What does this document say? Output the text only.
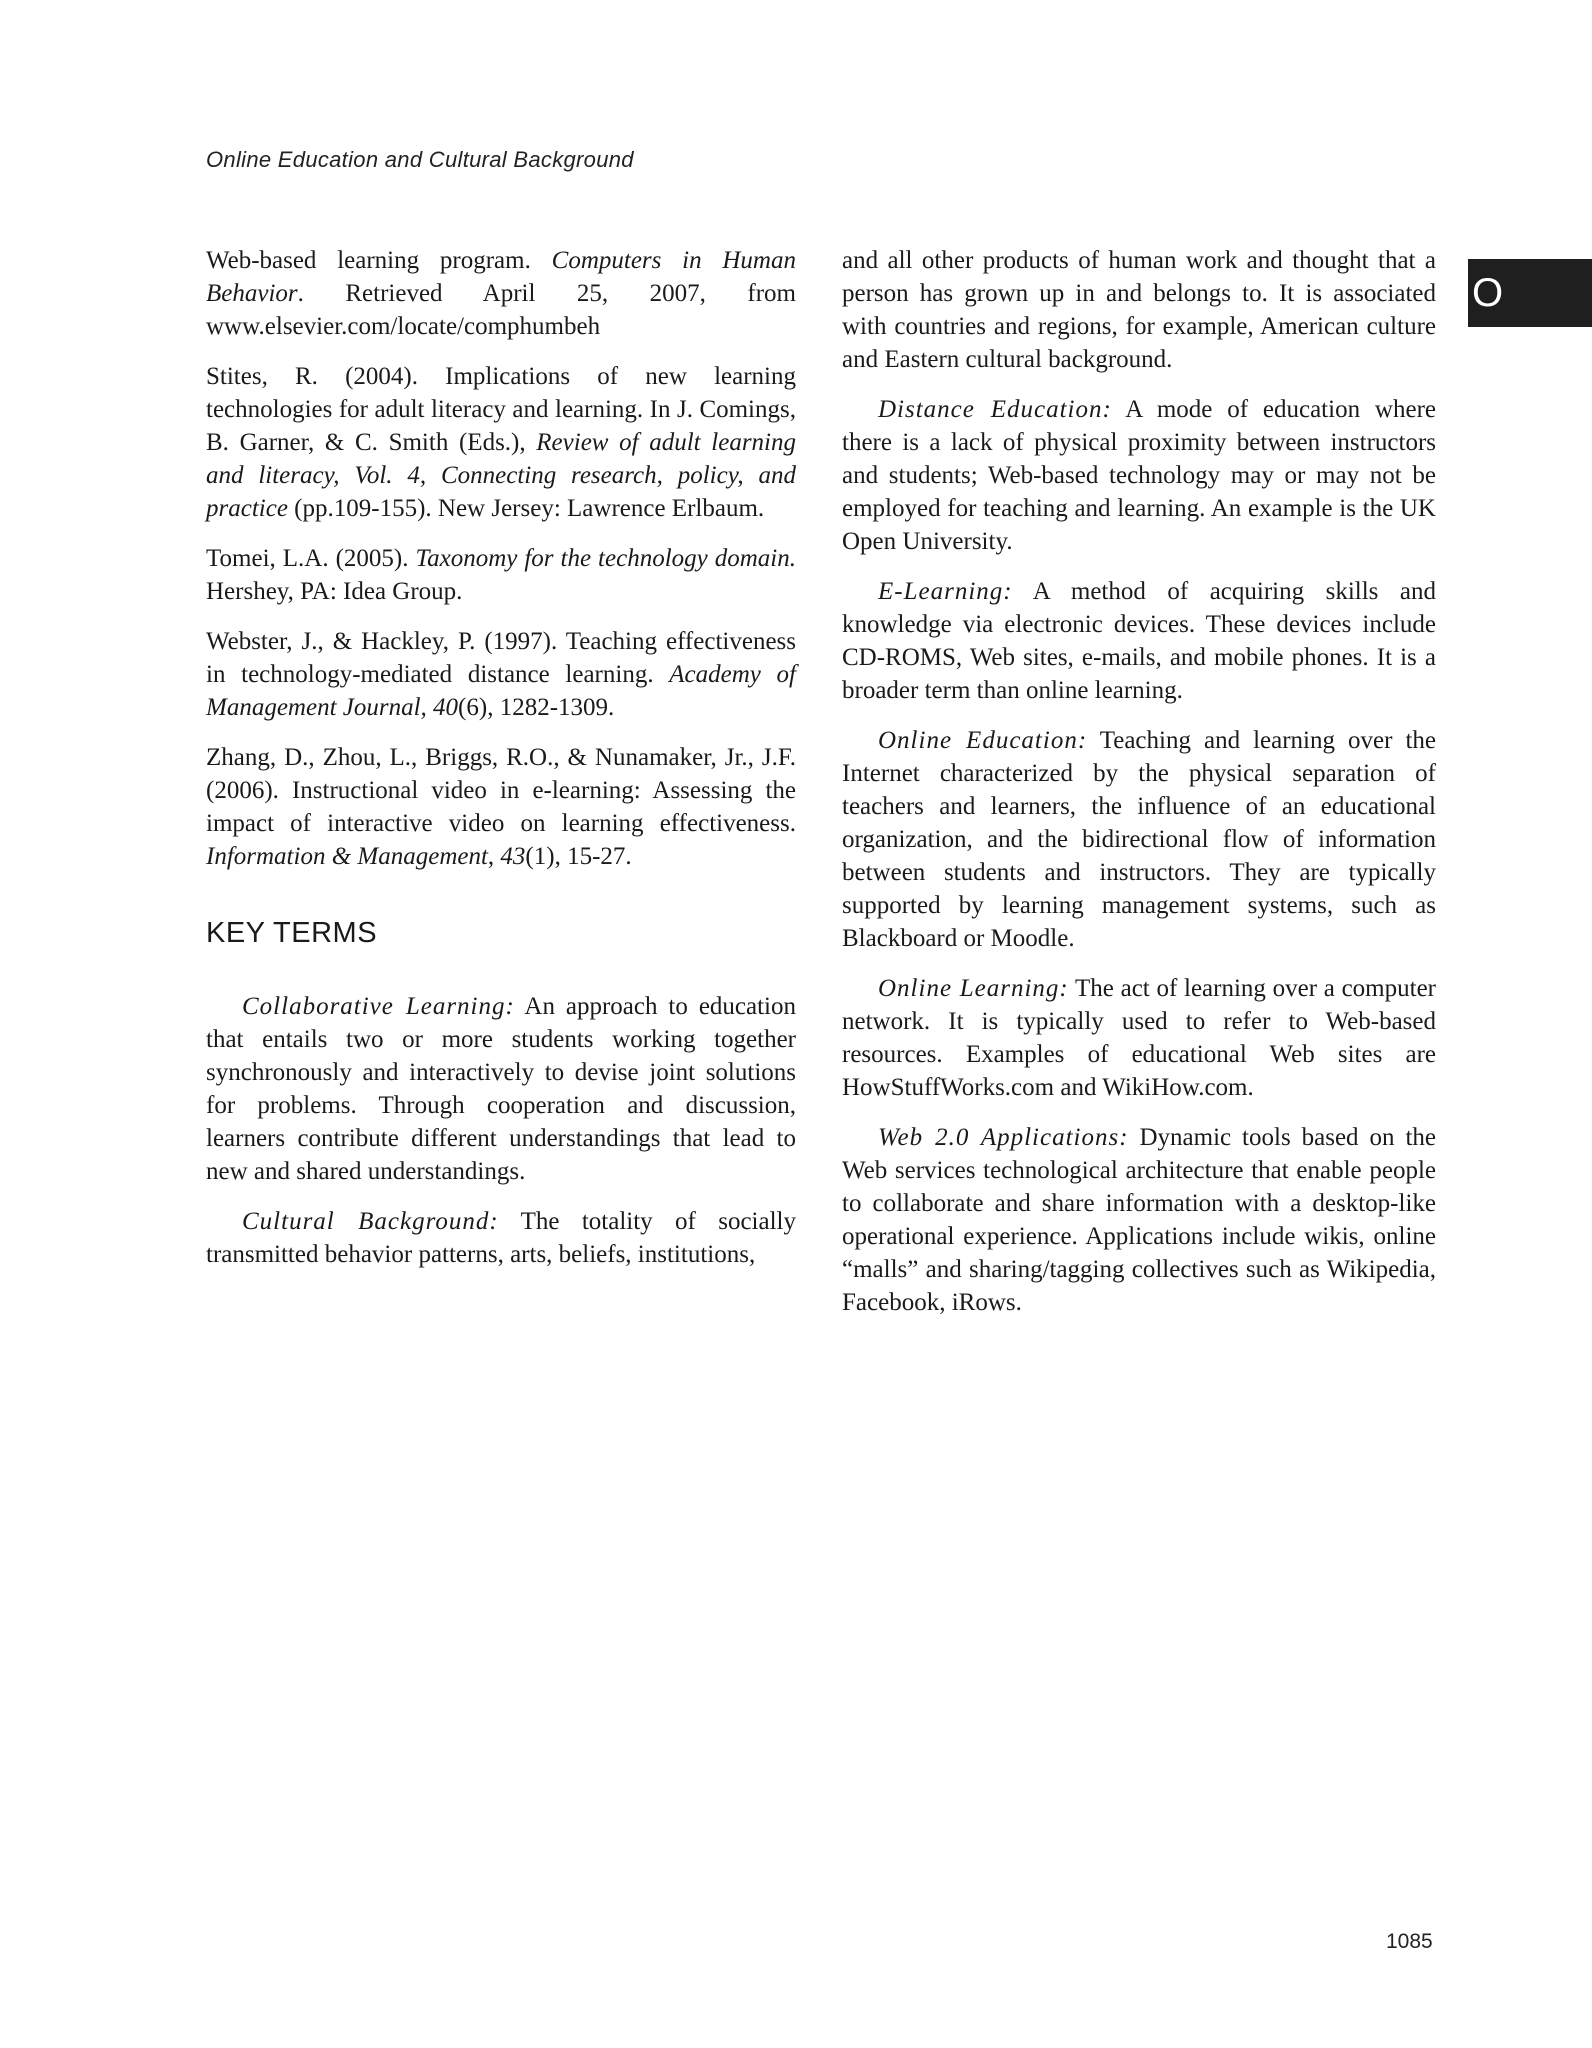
Online Education and Cultural Background
O

Web-based learning program. Computers in Human Behavior. Retrieved April 25, 2007, from www.elsevier.com/locate/comphumbeh

Stites, R. (2004). Implications of new learning technologies for adult literacy and learning. In J. Comings, B. Garner, & C. Smith (Eds.), Review of adult learning and literacy, Vol. 4, Connecting research, policy, and practice (pp.109-155). New Jersey: Lawrence Erlbaum.

Tomei, L.A. (2005). Taxonomy for the technology domain. Hershey, PA: Idea Group.

Webster, J., & Hackley, P. (1997). Teaching effectiveness in technology-mediated distance learning. Academy of Management Journal, 40(6), 1282-1309.

Zhang, D., Zhou, L., Briggs, R.O., & Nunamaker, Jr., J.F. (2006). Instructional video in e-learning: Assessing the impact of interactive video on learning effectiveness. Information & Management, 43(1), 15-27.

KEY TERMS

Collaborative Learning: An approach to education that entails two or more students working together synchronously and interactively to devise joint solutions for problems. Through cooperation and discussion, learners contribute different understandings that lead to new and shared understandings.

Cultural Background: The totality of socially transmitted behavior patterns, arts, beliefs, institutions,

and all other products of human work and thought that a person has grown up in and belongs to. It is associated with countries and regions, for example, American culture and Eastern cultural background.

Distance Education: A mode of education where there is a lack of physical proximity between instructors and students; Web-based technology may or may not be employed for teaching and learning. An example is the UK Open University.

E-Learning: A method of acquiring skills and knowledge via electronic devices. These devices include CD-ROMS, Web sites, e-mails, and mobile phones. It is a broader term than online learning.

Online Education: Teaching and learning over the Internet characterized by the physical separation of teachers and learners, the influence of an educational organization, and the bidirectional flow of information between students and instructors. They are typically supported by learning management systems, such as Blackboard or Moodle.

Online Learning: The act of learning over a computer network. It is typically used to refer to Web-based resources. Examples of educational Web sites are HowStuffWorks.com and WikiHow.com.

Web 2.0 Applications: Dynamic tools based on the Web services technological architecture that enable people to collaborate and share information with a desktop-like operational experience. Applications include wikis, online “malls” and sharing/tagging collectives such as Wikipedia, Facebook, iRows.

1085
